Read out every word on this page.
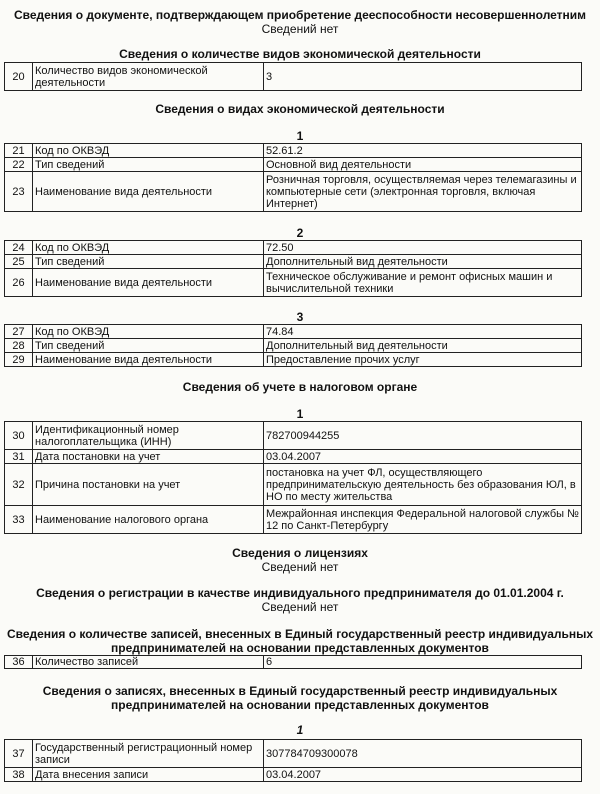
Сведения о документе, подтверждающем приобретение дееспособности несовершеннолетним
Сведений нет
Сведения о количестве видов экономической деятельности
20	Количество видов экономической деятельности	3
Сведения о видах экономической деятельности
1
21	Код по ОКВЭД	52.61.2
22	Тип сведений	Основной вид деятельности
23	Наименование вида деятельности	Розничная торговля, осуществляемая через телемагазины и компьютерные сети (электронная торговля, включая Интернет)
2
24	Код по ОКВЭД	72.50
25	Тип сведений	Дополнительный вид деятельности
26	Наименование вида деятельности	Техническое обслуживание и ремонт офисных машин и вычислительной техники
3
27	Код по ОКВЭД	74.84
28	Тип сведений	Дополнительный вид деятельности
29	Наименование вида деятельности	Предоставление прочих услуг
Сведения об учете в налоговом органе
1
30	Идентификационный номер налогоплательщика (ИНН)	782700944255
31	Дата постановки на учет	03.04.2007
32	Причина постановки на учет	постановка на учет ФЛ, осуществляющего предпринимательскую деятельность без образования ЮЛ, в НО по месту жительства
33	Наименование налогового органа	Межрайонная инспекция Федеральной налоговой службы № 12 по Санкт-Петербургу
Сведения о лицензиях
Сведений нет
Сведения о регистрации в качестве индивидуального предпринимателя до 01.01.2004 г.
Сведений нет
Сведения о количестве записей, внесенных в Единый государственный реестр индивидуальных
предпринимателей на основании представленных документов
36	Количество записей	6
Сведения о записях, внесенных в Единый государственный реестр индивидуальных
предпринимателей на основании представленных документов
1
37	Государственный регистрационный номер записи	307784709300078
38	Дата внесения записи	03.04.2007
